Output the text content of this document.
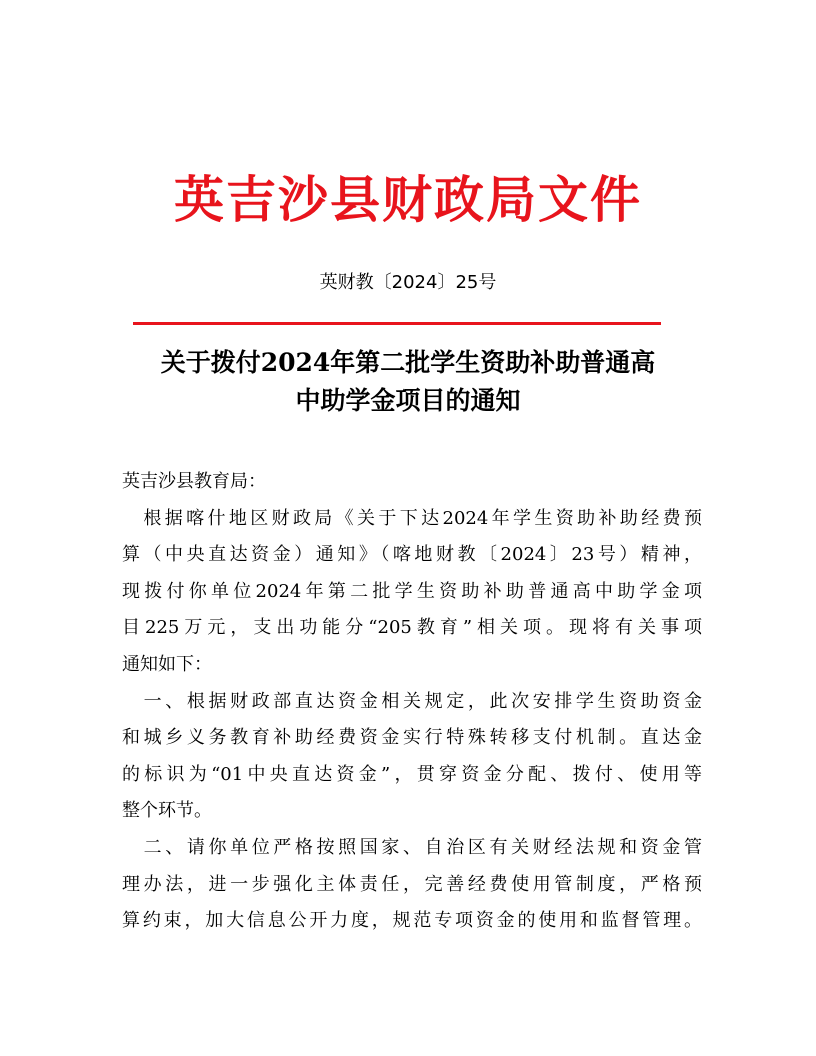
英吉沙县财政局文件
英财教〔2024〕25号
关于拨付2024年第二批学生资助补助普通高
中助学金项目的通知
英吉沙县教育局：
　根据喀什地区财政局《关于下达2024年学生资助补助经费预
算（中央直达资金）通知》（喀地财教〔2024〕23号）精神，
现拨付你单位2024年第二批学生资助补助普通高中助学金项
目225万元，支出功能分“205教育”相关项。现将有关事项
通知如下：
　一、根据财政部直达资金相关规定，此次安排学生资助资金
和城乡义务教育补助经费资金实行特殊转移支付机制。直达金
的标识为“01中央直达资金”，贯穿资金分配、拨付、使用等
整个环节。
　二、请你单位严格按照国家、自治区有关财经法规和资金管
理办法，进一步强化主体责任，完善经费使用管制度，严格预
算约束，加大信息公开力度，规范专项资金的使用和监督管理。
